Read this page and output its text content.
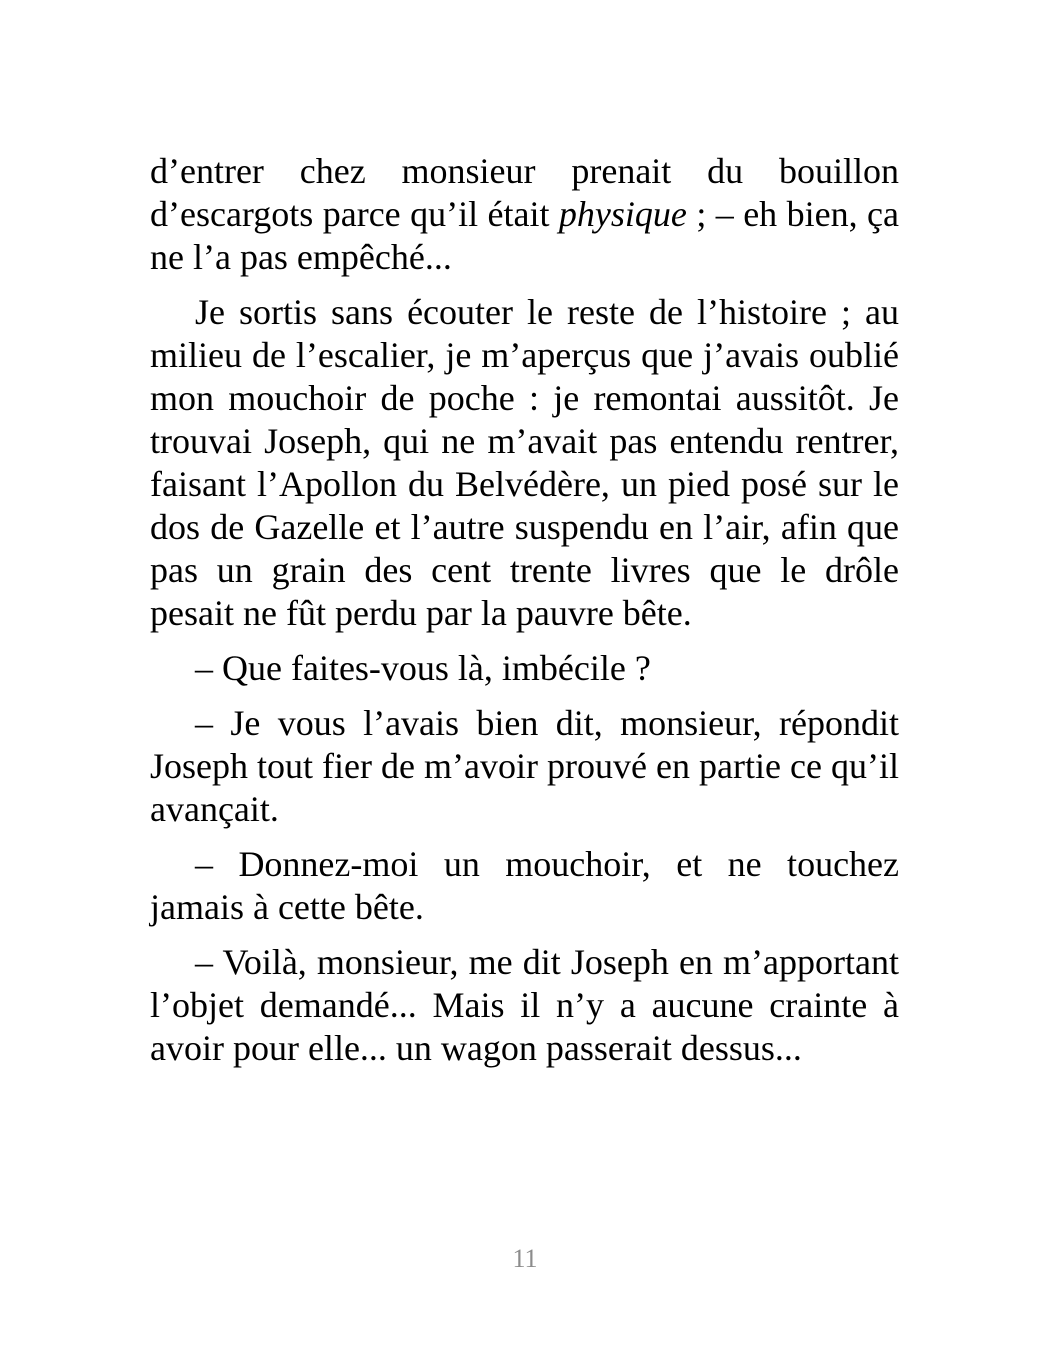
d’entrer chez monsieur prenait du bouillon d’escargots parce qu’il était physique ; – eh bien, ça ne l’a pas empêché...

Je sortis sans écouter le reste de l’histoire ; au milieu de l’escalier, je m’aperçus que j’avais oublié mon mouchoir de poche : je remontai aussitôt. Je trouvai Joseph, qui ne m’avait pas entendu rentrer, faisant l’Apollon du Belvédère, un pied posé sur le dos de Gazelle et l’autre suspendu en l’air, afin que pas un grain des cent trente livres que le drôle pesait ne fût perdu par la pauvre bête.

– Que faites-vous là, imbécile ?

– Je vous l’avais bien dit, monsieur, répondit Joseph tout fier de m’avoir prouvé en partie ce qu’il avançait.

– Donnez-moi un mouchoir, et ne touchez jamais à cette bête.

– Voilà, monsieur, me dit Joseph en m’apportant l’objet demandé... Mais il n’y a aucune crainte à avoir pour elle... un wagon passerait dessus...

11
